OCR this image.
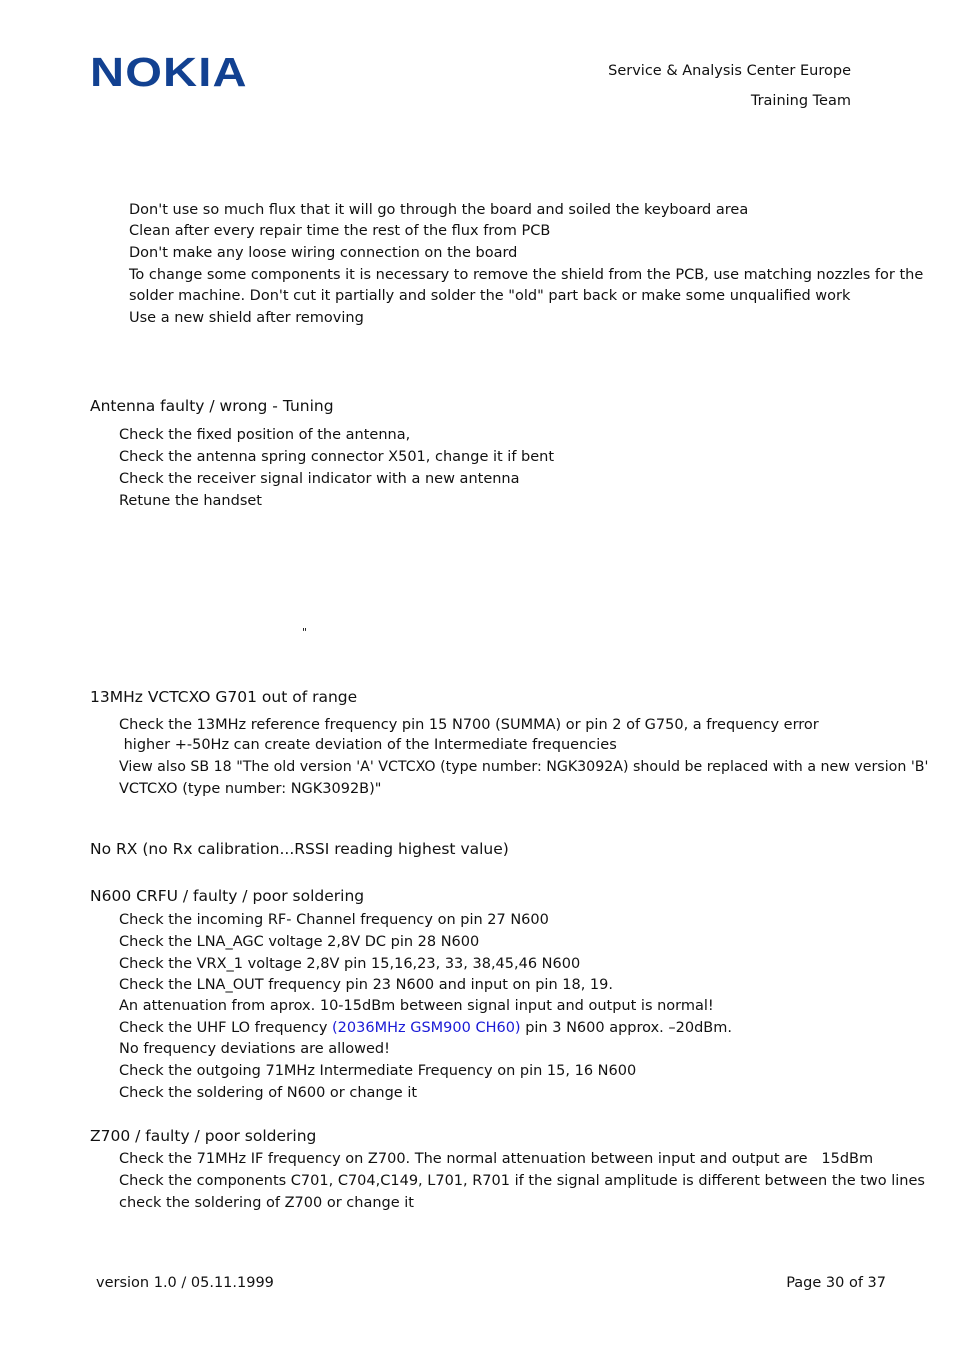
NOKIA	Service & Analysis Center Europe
Training Team
Don't use so much flux that it will go through the board and soiled the keyboard area
Clean after every repair time the rest of the flux from PCB
Don't make any loose wiring connection on the board
To change some components it is necessary to remove the shield from the PCB, use matching nozzles for the
solder machine. Don't cut it partially and solder the "old" part back or make some unqualified work
Use a new shield after removing
Antenna faulty / wrong - Tuning
Check the fixed position of the antenna,
Check the antenna spring connector X501, change it if bent
Check the receiver signal indicator with a new antenna
Retune the handset
"
13MHz VCTCXO G701 out of range
Check the 13MHz reference frequency pin 15 N700 (SUMMA) or pin 2 of G750, a frequency error
higher +-50Hz can create deviation of the Intermediate frequencies
View also SB 18 "The old version 'A' VCTCXO (type number: NGK3092A) should be replaced with a new version 'B'
VCTCXO (type number: NGK3092B)"
No RX (no Rx calibration...RSSI reading highest value)
N600 CRFU / faulty / poor soldering
Check the incoming RF- Channel frequency on pin 27 N600
Check the LNA_AGC voltage 2,8V DC pin 28 N600
Check the VRX_1 voltage 2,8V pin 15,16,23, 33, 38,45,46 N600
Check the LNA_OUT frequency pin 23 N600 and input on pin 18, 19.
An attenuation from aprox. 10-15dBm between signal input and output is normal!
Check the UHF LO frequency (2036MHz GSM900 CH60) pin 3 N600 approx. –20dBm.
No frequency deviations are allowed!
Check the outgoing 71MHz Intermediate Frequency on pin 15, 16 N600
Check the soldering of N600 or change it
Z700 / faulty / poor soldering
Check the 71MHz IF frequency on Z700. The normal attenuation between input and output are   15dBm
Check the components C701, C704,C149, L701, R701 if the signal amplitude is different between the two lines
check the soldering of Z700 or change it
version 1.0 / 05.11.1999	Page 30 of 37
